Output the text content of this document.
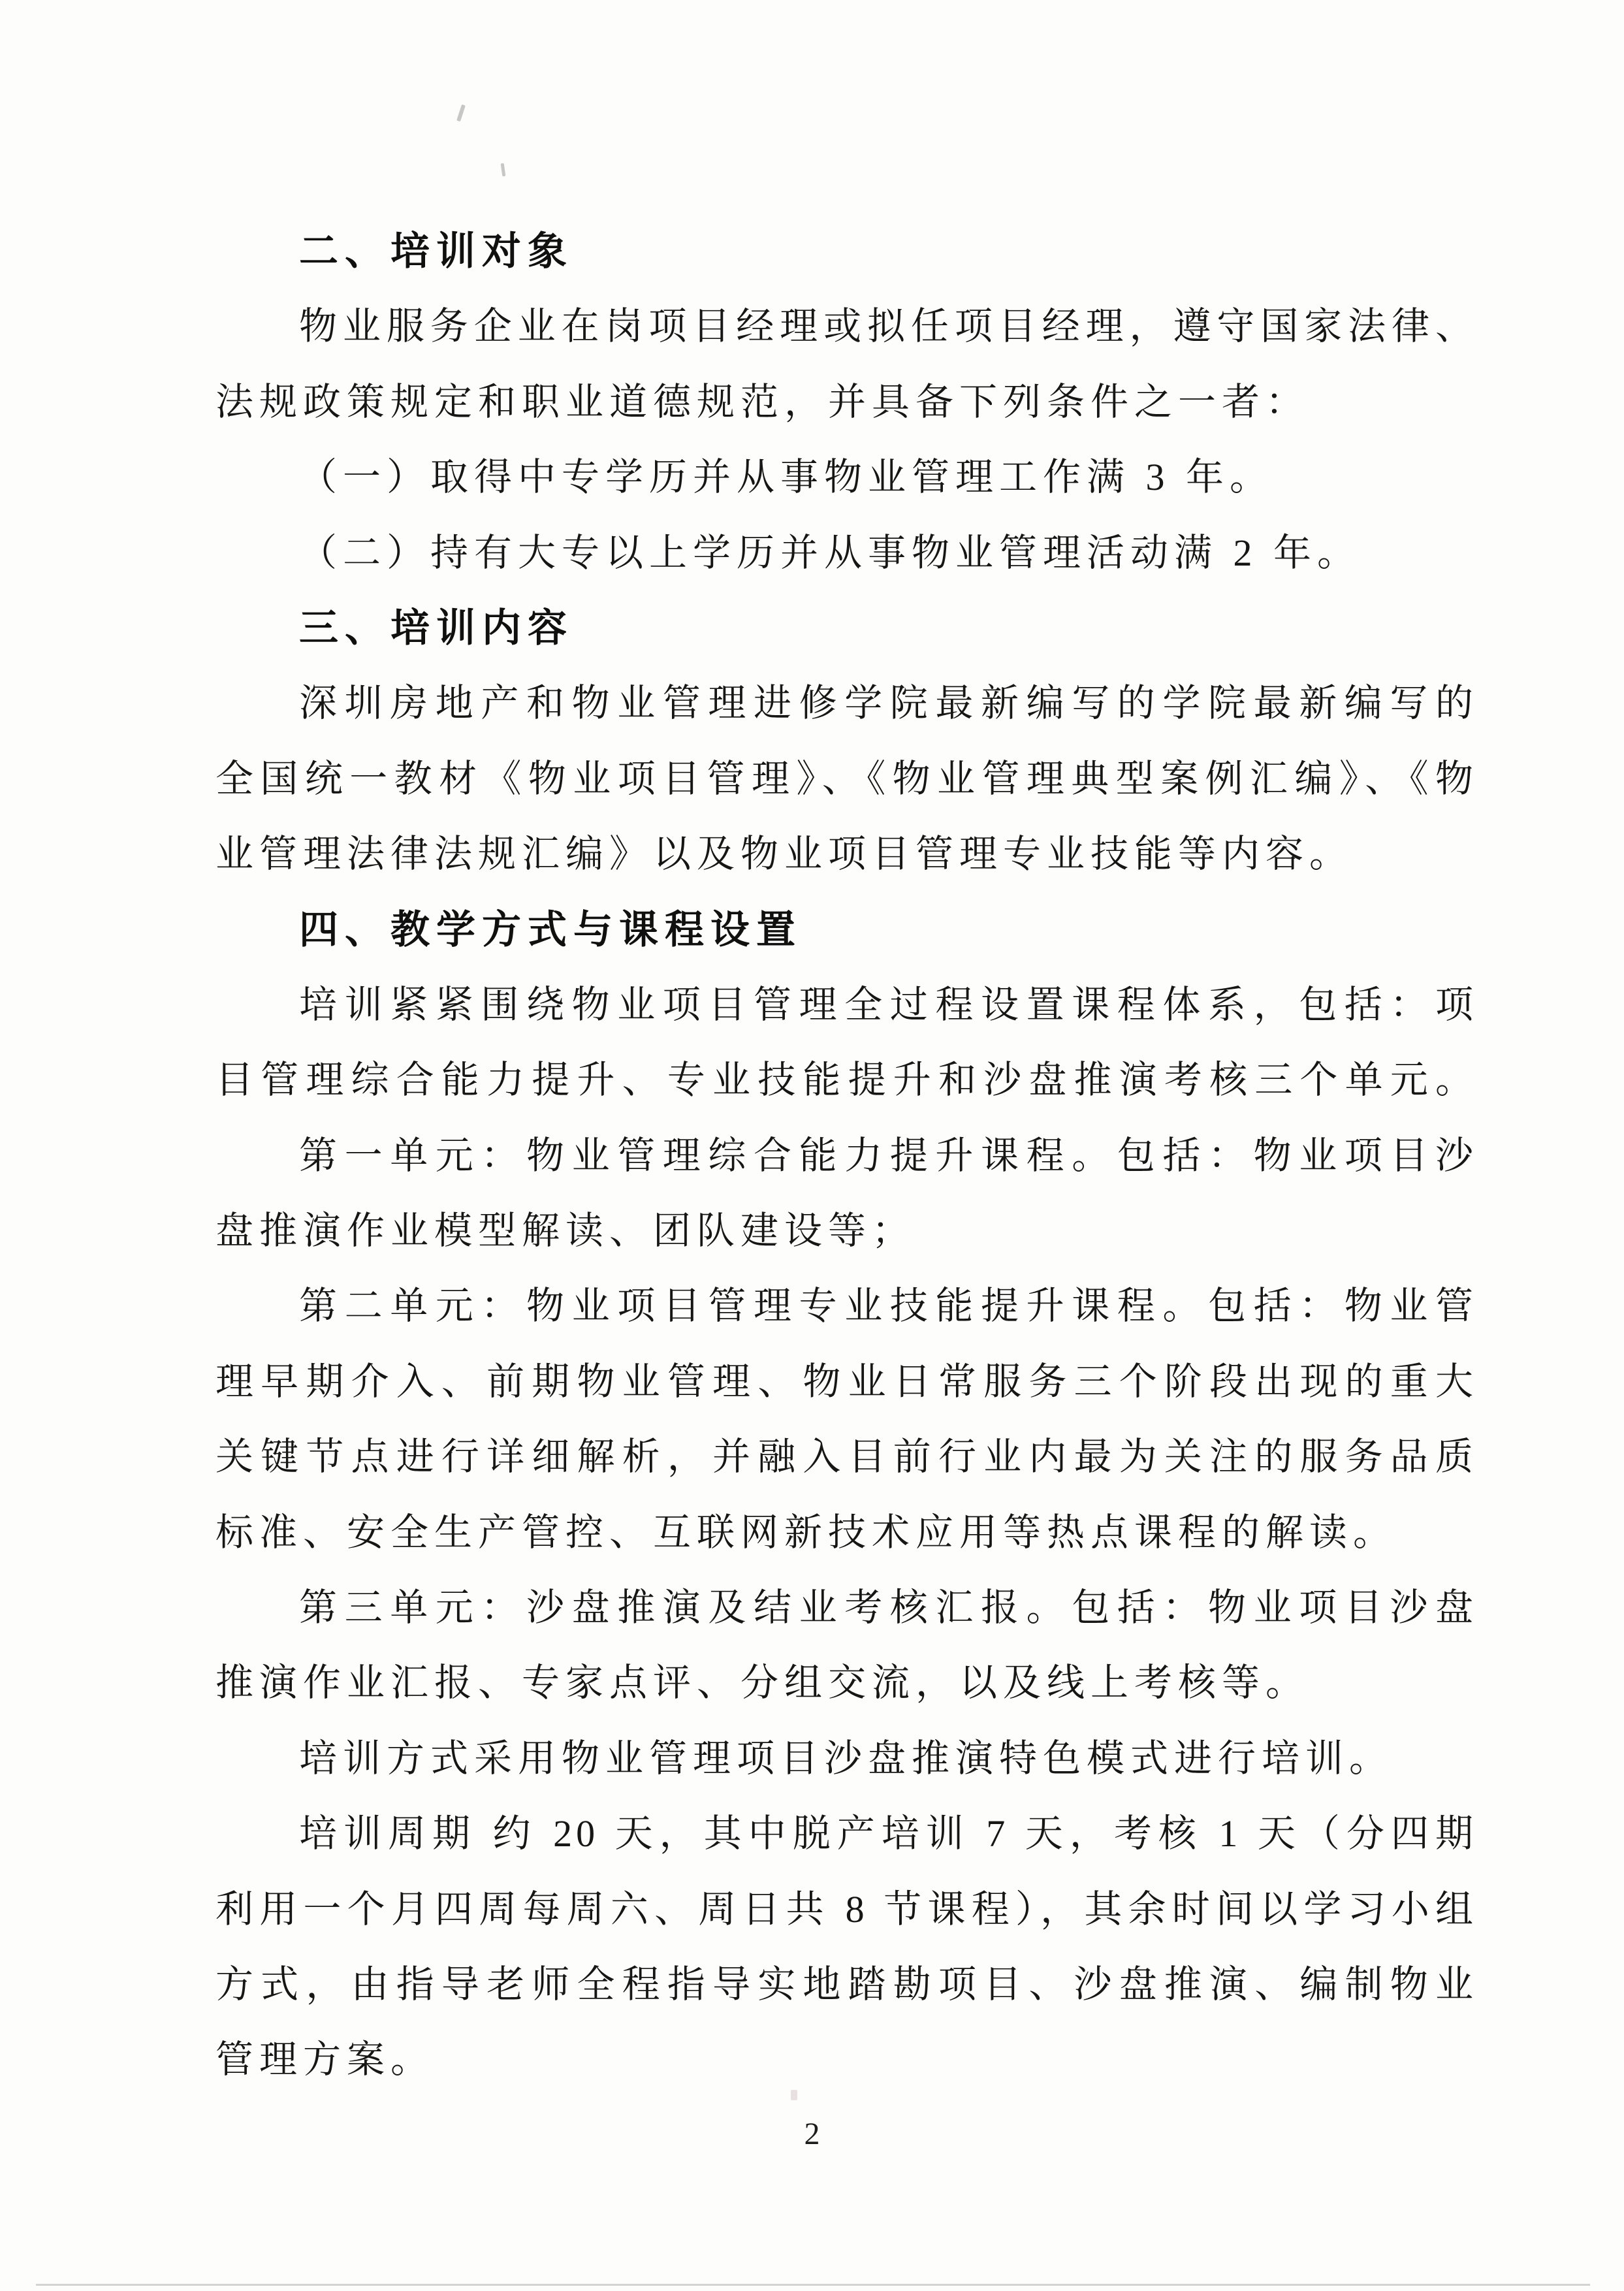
二、培训对象
物业服务企业在岗项目经理或拟任项目经理，遵守国家法律、
法规政策规定和职业道德规范，并具备下列条件之一者：
（一）取得中专学历并从事物业管理工作满 3 年。
（二）持有大专以上学历并从事物业管理活动满 2 年。
三、培训内容
深圳房地产和物业管理进修学院最新编写的学院最新编写的
全国统一教材《物业项目管理》、《物业管理典型案例汇编》、《物
业管理法律法规汇编》以及物业项目管理专业技能等内容。
四、教学方式与课程设置
培训紧紧围绕物业项目管理全过程设置课程体系，包括：项
目管理综合能力提升、专业技能提升和沙盘推演考核三个单元。
第一单元：物业管理综合能力提升课程。包括：物业项目沙
盘推演作业模型解读、团队建设等；
第二单元：物业项目管理专业技能提升课程。包括：物业管
理早期介入、前期物业管理、物业日常服务三个阶段出现的重大
关键节点进行详细解析，并融入目前行业内最为关注的服务品质
标准、安全生产管控、互联网新技术应用等热点课程的解读。
第三单元：沙盘推演及结业考核汇报。包括：物业项目沙盘
推演作业汇报、专家点评、分组交流，以及线上考核等。
培训方式采用物业管理项目沙盘推演特色模式进行培训。
培训周期 约 20 天，其中脱产培训 7 天，考核 1 天（分四期
利用一个月四周每周六、周日共 8 节课程），其余时间以学习小组
方式，由指导老师全程指导实地踏勘项目、沙盘推演、编制物业
管理方案。
2
